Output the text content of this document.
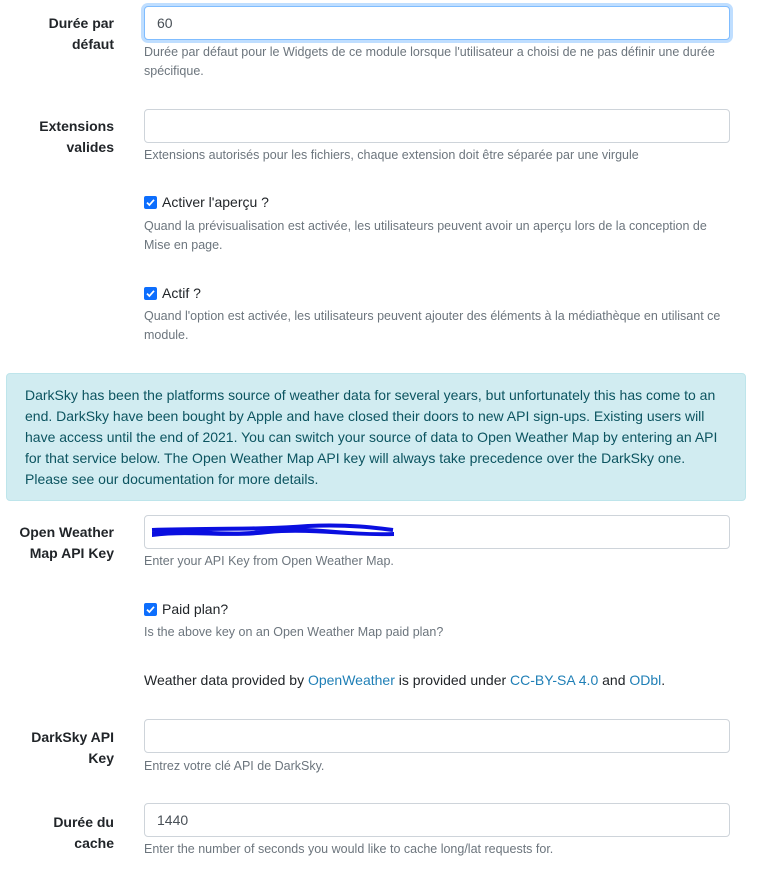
Durée par défaut
60
Durée par défaut pour le Widgets de ce module lorsque l'utilisateur a choisi de ne pas définir une durée spécifique.
Extensions valides Extensions autorisés pour les fichiers, chaque extension doit être séparée par une virgule
Activer l'aperçu ?
Quand la prévisualisation est activée, les utilisateurs peuvent avoir un aperçu lors de la conception de Mise en page.
Actif ?
Quand l'option est activée, les utilisateurs peuvent ajouter des éléments à la médiathèque en utilisant ce module.
DarkSky has been the platforms source of weather data for several years, but unfortunately this has come to an end. DarkSky have been bought by Apple and have closed their doors to new API sign-ups. Existing users will have access until the end of 2021. You can switch your source of data to Open Weather Map by entering an API for that service below. The Open Weather Map API key will always take precedence over the DarkSky one. Please see our documentation for more details.
Open Weather Map API Key Enter your API Key from Open Weather Map.
Paid plan?
Is the above key on an Open Weather Map paid plan?
Weather data provided by OpenWeather is provided under CC-BY-SA 4.0 and ODbl.
DarkSky API Key Entrez votre clé API de DarkSky.
Durée du cache
1440
Enter the number of seconds you would like to cache long/lat requests for.
